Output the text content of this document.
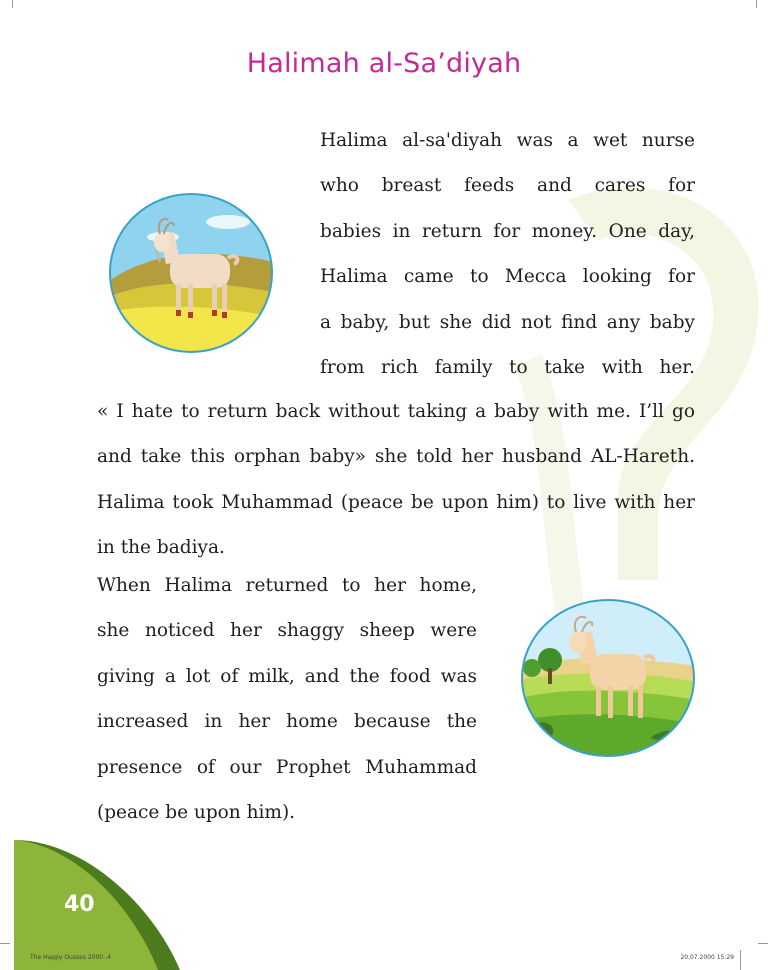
Halimah al-Sa’diyah
Halima al-sa'diyah was a wet nurse
who breast feeds and cares for
babies in return for money. One day,
Halima came to Mecca looking for
a baby, but she did not find any baby
from rich family to take with her.
« I hate to return back without taking a baby with me. I’ll go
and take this orphan baby» she told her husband AL-Hareth.
Halima took Muhammad (peace be upon him) to live with her
in the badiya.
When Halima returned to her home,
she noticed her shaggy sheep were
giving a lot of milk, and the food was
increased in her home because the
presence of our Prophet Muhammad
(peace be upon him).
40
The Happy Ousses 2000 -4	20.07.2000 15:29
